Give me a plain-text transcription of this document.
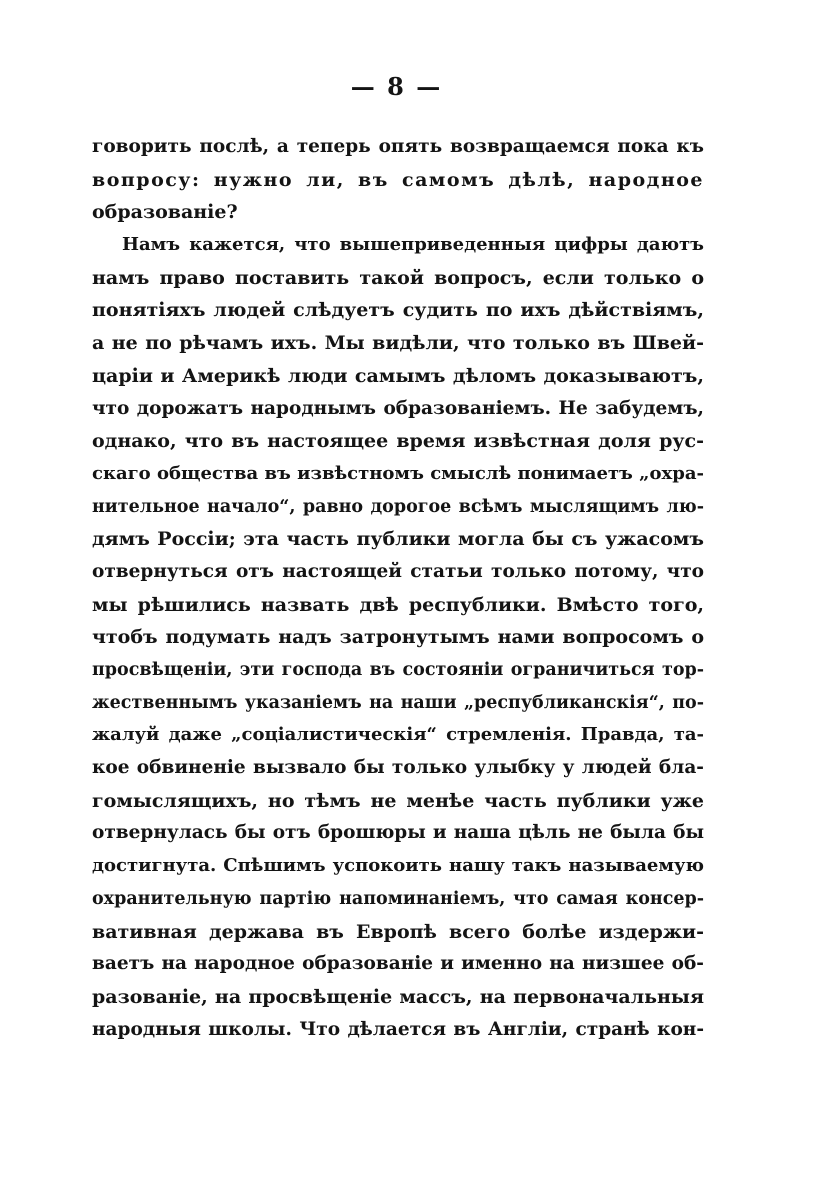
— 8 —
говорить послѣ, а теперь опять возвращаемся пока къ
вопросу: нужно ли, въ самомъ дѣлѣ, народное
образованіе?
Намъ кажется, что вышеприведенныя цифры даютъ
намъ право поставить такой вопросъ, если только о
понятіяхъ людей слѣдуетъ судить по ихъ дѣйствіямъ,
а не по рѣчамъ ихъ. Мы видѣли, что только въ Швей-
царіи и Америкѣ люди самымъ дѣломъ доказываютъ,
что дорожатъ народнымъ образованіемъ. Не забудемъ,
однако, что въ настоящее время извѣстная доля рус-
скаго общества въ извѣстномъ смыслѣ понимаетъ „охра-
нительное начало“, равно дорогое всѣмъ мыслящимъ лю-
дямъ Россіи; эта часть публики могла бы съ ужасомъ
отвернуться отъ настоящей статьи только потому, что
мы рѣшились назвать двѣ республики. Вмѣсто того,
чтобъ подумать надъ затронутымъ нами вопросомъ о
просвѣщеніи, эти господа въ состояніи ограничиться тор-
жественнымъ указаніемъ на наши „республиканскія“, по-
жалуй даже „соціалистическія“ стремленія. Правда, та-
кое обвиненіе вызвало бы только улыбку у людей бла-
гомыслящихъ, но тѣмъ не менѣе часть публики уже
отвернулась бы отъ брошюры и наша цѣль не была бы
достигнута. Спѣшимъ успокоить нашу такъ называемую
охранительную партію напоминаніемъ, что самая консер-
вативная держава въ Европѣ всего болѣе издержи-
ваетъ на народное образованіе и именно на низшее об-
разованіе, на просвѣщеніе массъ, на первоначальныя
народныя школы. Что дѣлается въ Англіи, странѣ кон-
